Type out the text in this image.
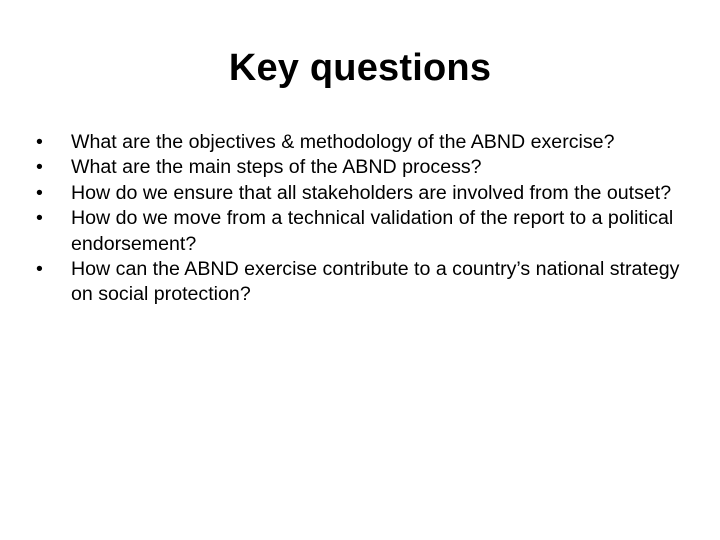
Key questions
•	What are the objectives & methodology of the ABND exercise?
•	What are the main steps of the ABND process?
•	How do we ensure that all stakeholders are involved from the outset?
•	How do we move from a technical validation of the report to a political endorsement?
•	How can the ABND exercise contribute to a country’s national strategy on social protection?
